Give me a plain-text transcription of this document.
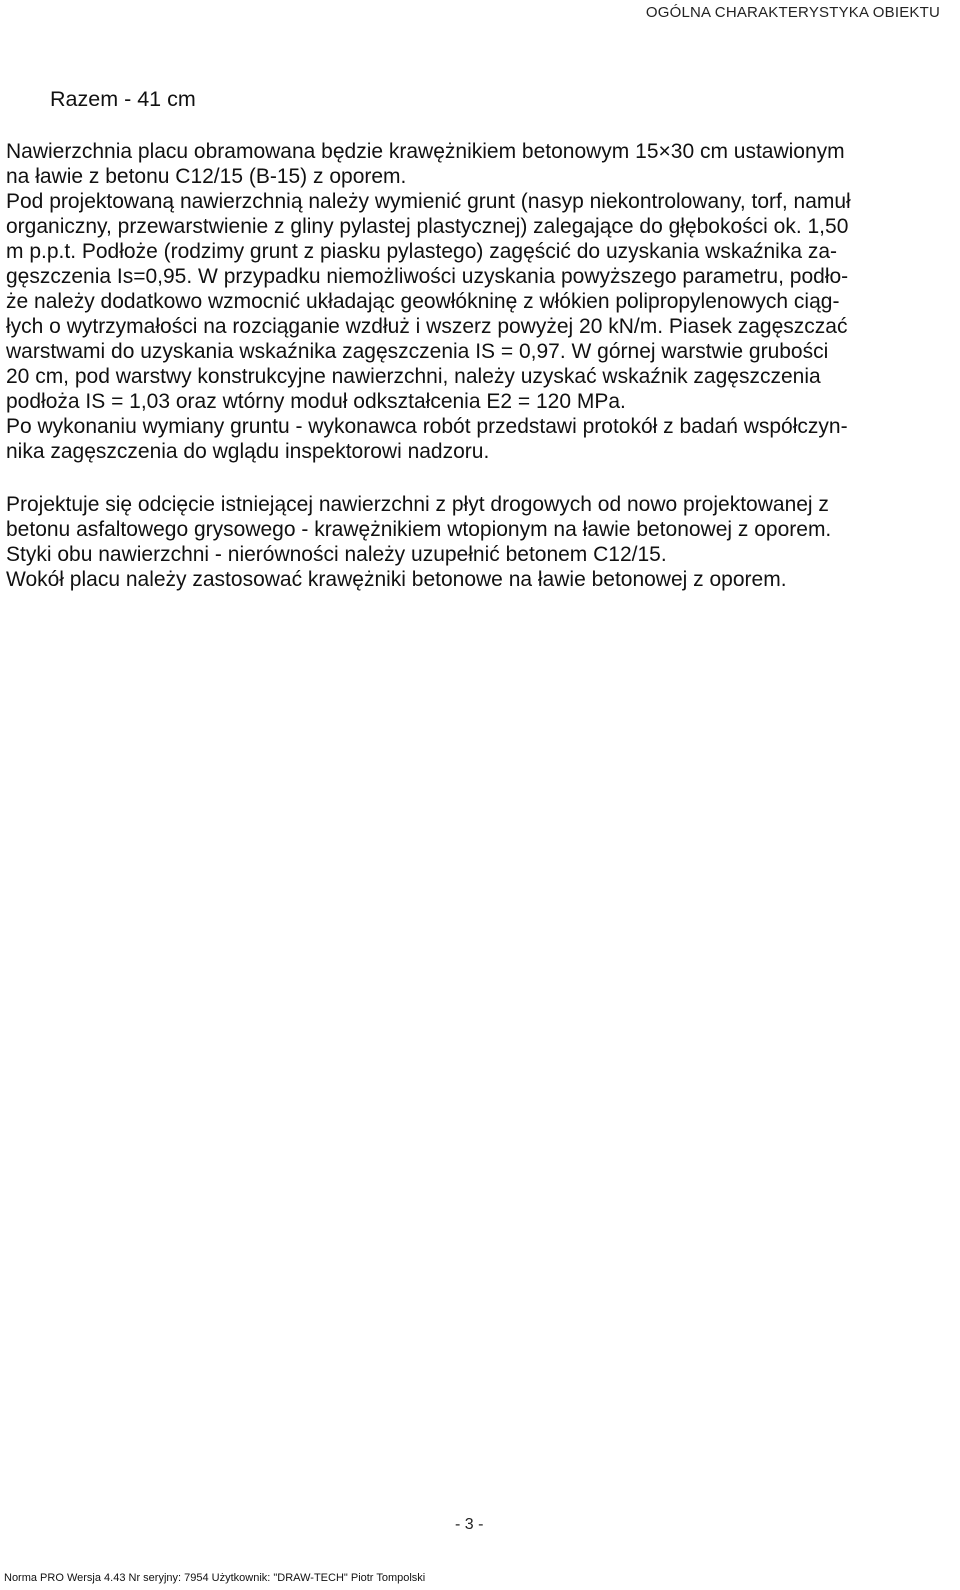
OGÓLNA CHARAKTERYSTYKA OBIEKTU
Razem - 41 cm
Nawierzchnia placu obramowana będzie krawężnikiem betonowym 15×30 cm ustawionym
na ławie z betonu C12/15 (B-15) z oporem.
Pod projektowaną nawierzchnią należy wymienić grunt (nasyp niekontrolowany, torf, namuł
organiczny, przewarstwienie z gliny pylastej plastycznej) zalegające do głębokości ok. 1,50
m p.p.t. Podłoże (rodzimy grunt z piasku pylastego) zagęścić do uzyskania wskaźnika za-
gęszczenia Is=0,95. W przypadku niemożliwości uzyskania powyższego parametru, podło-
że należy dodatkowo wzmocnić układając geowłókninę z włókien polipropylenowych ciąg-
łych o wytrzymałości na rozciąganie wzdłuż i wszerz powyżej 20 kN/m. Piasek zagęszczać
warstwami do uzyskania wskaźnika zagęszczenia IS = 0,97. W górnej warstwie grubości
20 cm, pod warstwy konstrukcyjne nawierzchni, należy uzyskać wskaźnik zagęszczenia
podłoża IS = 1,03 oraz wtórny moduł odkształcenia E2 = 120 MPa.
Po wykonaniu wymiany gruntu - wykonawca robót przedstawi protokół z badań współczyn-
nika zagęszczenia do wglądu inspektorowi nadzoru.
Projektuje się odcięcie istniejącej nawierzchni z płyt drogowych od nowo projektowanej z
betonu asfaltowego grysowego - krawężnikiem wtopionym na ławie betonowej z oporem.
Styki obu nawierzchni - nierówności należy uzupełnić betonem C12/15.
Wokół placu należy zastosować krawężniki betonowe na ławie betonowej z oporem.
- 3 -
Norma PRO Wersja 4.43 Nr seryjny: 7954 Użytkownik: "DRAW-TECH" Piotr Tompolski
